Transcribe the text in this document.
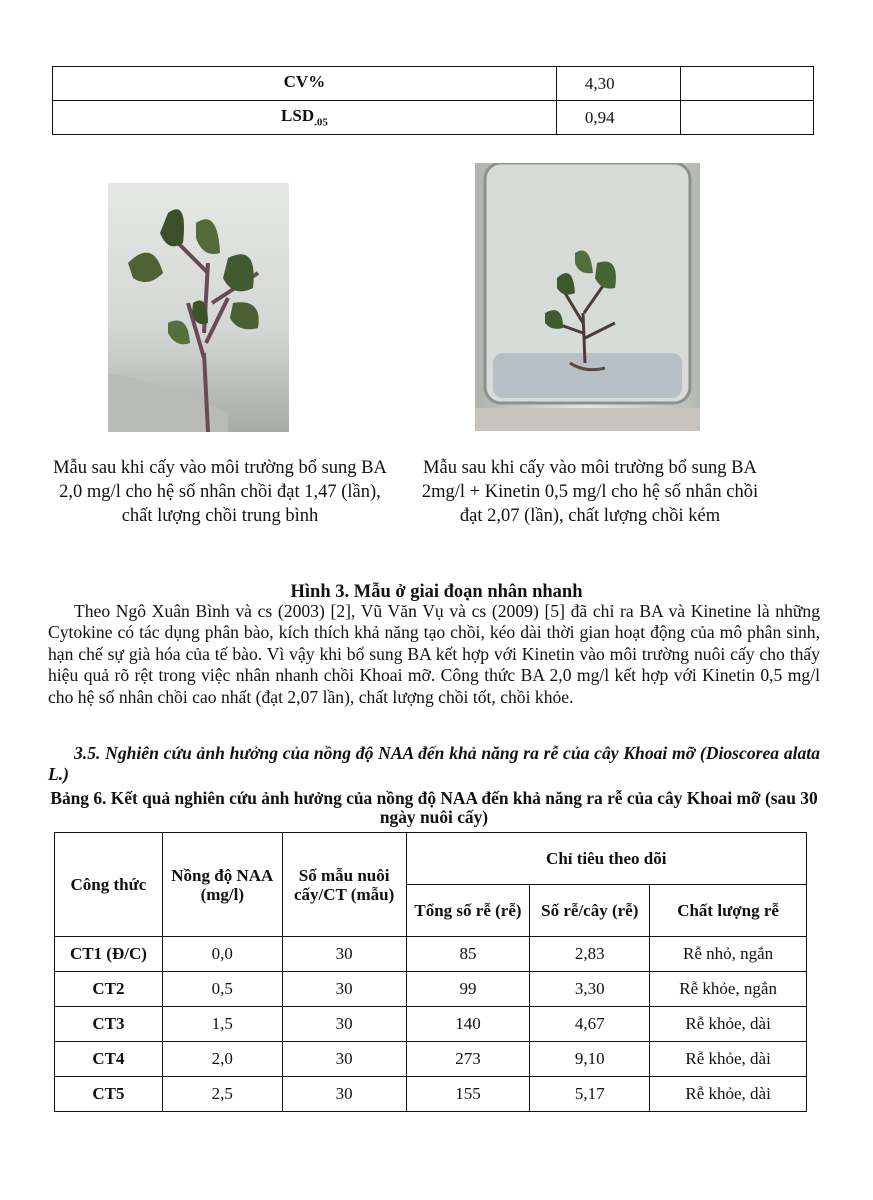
CV%	4,30	
$LSD_{.05}$	0,94	
Mẫu sau khi cấy vào môi trường bổ sung BA 2,0 mg/l cho hệ số nhân chồi đạt 1,47 (lần), chất lượng chồi trung bình
Mẫu sau khi cấy vào môi trường bổ sung BA 2mg/l + Kinetin 0,5 mg/l cho hệ số nhân chồi đạt 2,07 (lần), chất lượng chồi kém
Hình 3. Mẫu ở giai đoạn nhân nhanh

Theo Ngô Xuân Bình và cs (2003) [2], Vũ Văn Vụ và cs (2009) [5] đã chỉ ra BA và Kinetine là những Cytokine có tác dụng phân bào, kích thích khả năng tạo chồi, kéo dài thời gian hoạt động của mô phân sinh, hạn chế sự già hóa của tế bào. Vì vậy khi bổ sung BA kết hợp với Kinetin vào môi trường nuôi cấy cho thấy hiệu quả rõ rệt trong việc nhân nhanh chồi Khoai mỡ. Công thức BA 2,0 mg/l kết hợp với Kinetin 0,5 mg/l cho hệ số nhân chồi cao nhất (đạt 2,07 lần), chất lượng chồi tốt, chồi khỏe.

3.5. Nghiên cứu ảnh hưởng của nồng độ NAA đến khả năng ra rễ của cây Khoai mỡ (Dioscorea alata L.)
Bảng 6. Kết quả nghiên cứu ảnh hưởng của nồng độ NAA đến khả năng ra rễ của cây Khoai mỡ (sau 30 ngày nuôi cấy)
Công thức	Nồng độ NAA (mg/l)	Số mẫu nuôi cấy/CT (mẫu)	Chỉ tiêu theo dõi		
			Tổng số rễ (rễ)	Số rễ/cây (rễ)	Chất lượng rễ
CT1 (Đ/C)	0,0	30	85	2,83	Rễ nhỏ, ngắn
CT2	0,5	30	99	3,30	Rễ khỏe, ngắn
CT3	1,5	30	140	4,67	Rễ khỏe, dài
CT4	2,0	30	273	9,10	Rễ khỏe, dài
CT5	2,5	30	155	5,17	Rễ khỏe, dài
